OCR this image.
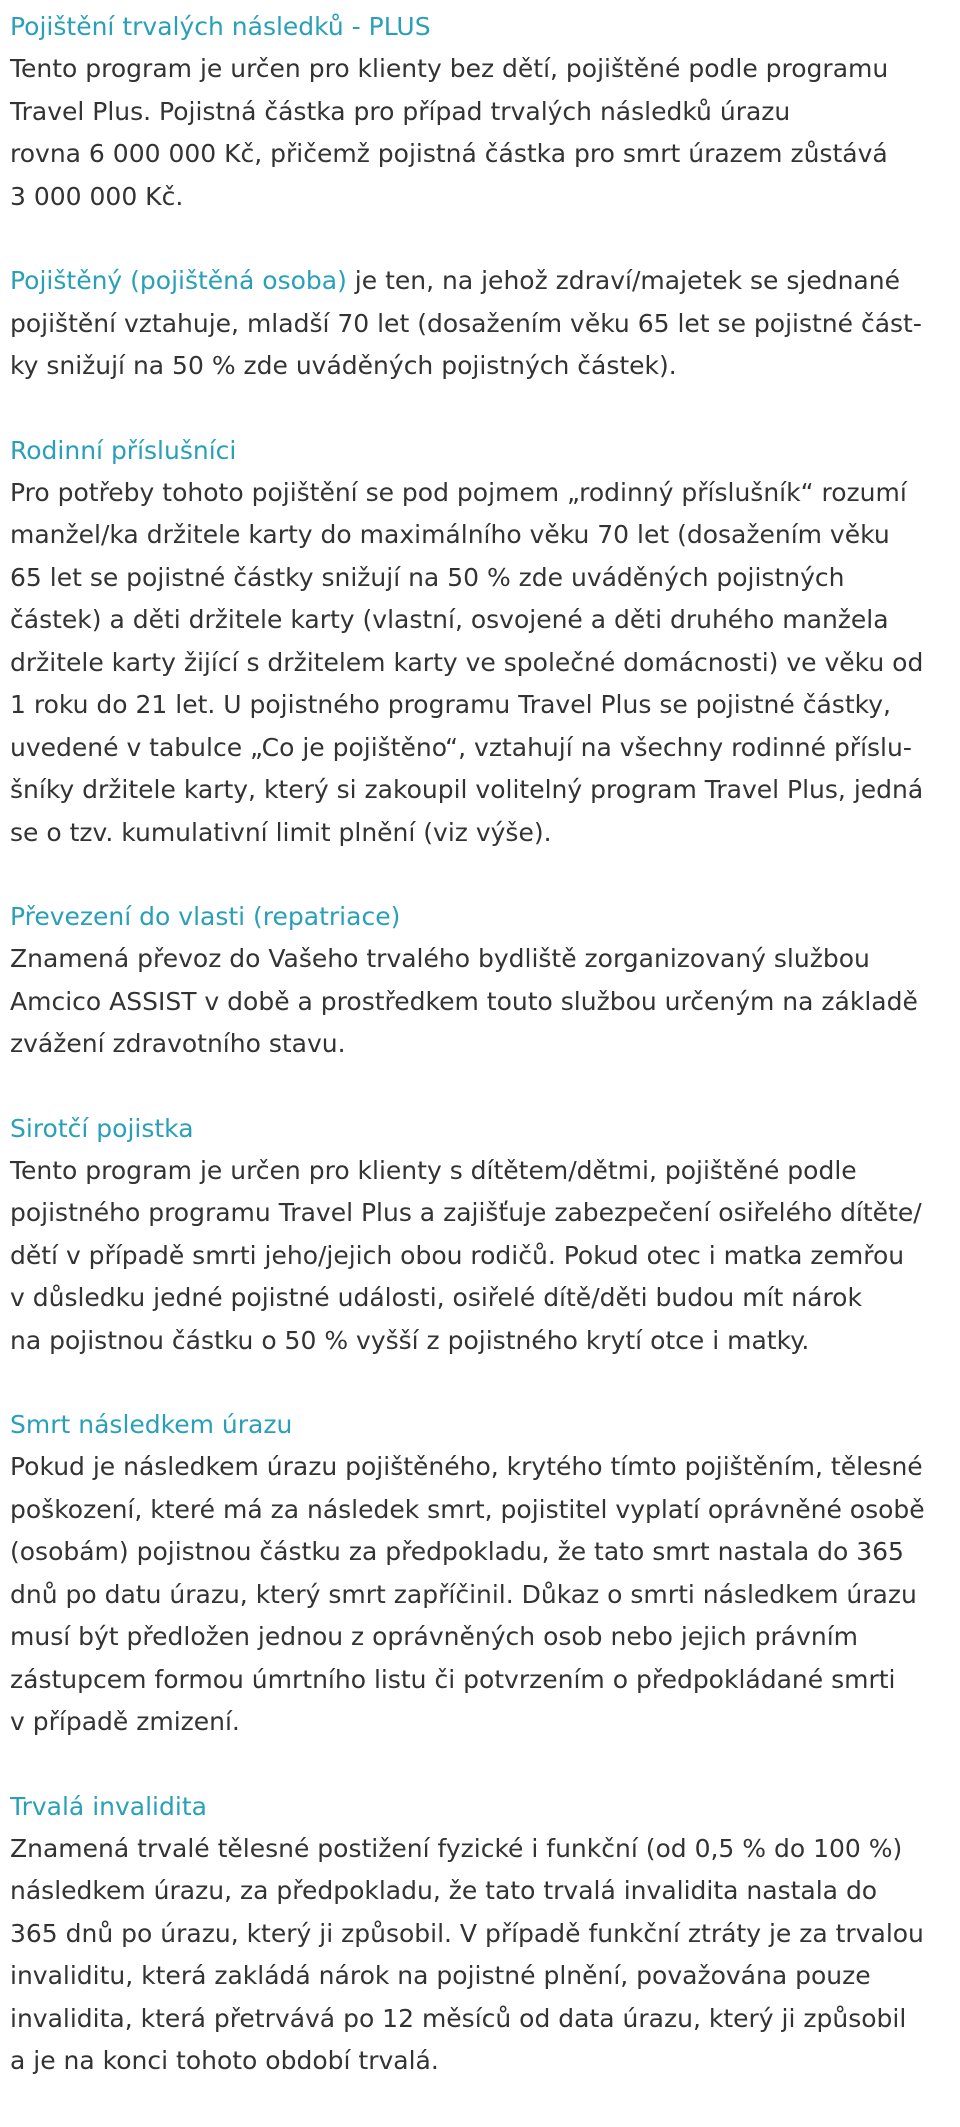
Pojištění trvalých následků - PLUS

Tento program je určen pro klienty bez dětí, pojištěné podle programu
Travel Plus. Pojistná částka pro případ trvalých následků úrazu
rovna 6 000 000 Kč, přičemž pojistná částka pro smrt úrazem zůstává
3 000 000 Kč.

Pojištěný (pojištěná osoba) je ten, na jehož zdraví/majetek se sjednané
pojištění vztahuje, mladší 70 let (dosažením věku 65 let se pojistné část-
ky snižují na 50 % zde uváděných pojistných částek).

Rodinní příslušníci

Pro potřeby tohoto pojištění se pod pojmem „rodinný příslušník“ rozumí
manžel/ka držitele karty do maximálního věku 70 let (dosažením věku
65 let se pojistné částky snižují na 50 % zde uváděných pojistných
částek) a děti držitele karty (vlastní, osvojené a děti druhého manžela
držitele karty žijící s držitelem karty ve společné domácnosti) ve věku od
1 roku do 21 let. U pojistného programu Travel Plus se pojistné částky,
uvedené v tabulce „Co je pojištěno“, vztahují na všechny rodinné příslu-
šníky držitele karty, který si zakoupil volitelný program Travel Plus, jedná
se o tzv. kumulativní limit plnění (viz výše).

Převezení do vlasti (repatriace)

Znamená převoz do Vašeho trvalého bydliště zorganizovaný službou
Amcico ASSIST v době a prostředkem touto službou určeným na základě
zvážení zdravotního stavu.

Sirotčí pojistka

Tento program je určen pro klienty s dítětem/dětmi, pojištěné podle
pojistného programu Travel Plus a zajišťuje zabezpečení osiřelého dítěte/
dětí v případě smrti jeho/jejich obou rodičů. Pokud otec i matka zemřou
v důsledku jedné pojistné události, osiřelé dítě/děti budou mít nárok
na pojistnou částku o 50 % vyšší z pojistného krytí otce i matky.

Smrt následkem úrazu

Pokud je následkem úrazu pojištěného, krytého tímto pojištěním, tělesné
poškození, které má za následek smrt, pojistitel vyplatí oprávněné osobě
(osobám) pojistnou částku za předpokladu, že tato smrt nastala do 365
dnů po datu úrazu, který smrt zapříčinil. Důkaz o smrti následkem úrazu
musí být předložen jednou z oprávněných osob nebo jejich právním
zástupcem formou úmrtního listu či potvrzením o předpokládané smrti
v případě zmizení.

Trvalá invalidita

Znamená trvalé tělesné postižení fyzické i funkční (od 0,5 % do 100 %)
následkem úrazu, za předpokladu, že tato trvalá invalidita nastala do
365 dnů po úrazu, který ji způsobil. V případě funkční ztráty je za trvalou
invaliditu, která zakládá nárok na pojistné plnění, považována pouze
invalidita, která přetrvává po 12 měsíců od data úrazu, který ji způsobil
a je na konci tohoto období trvalá.
